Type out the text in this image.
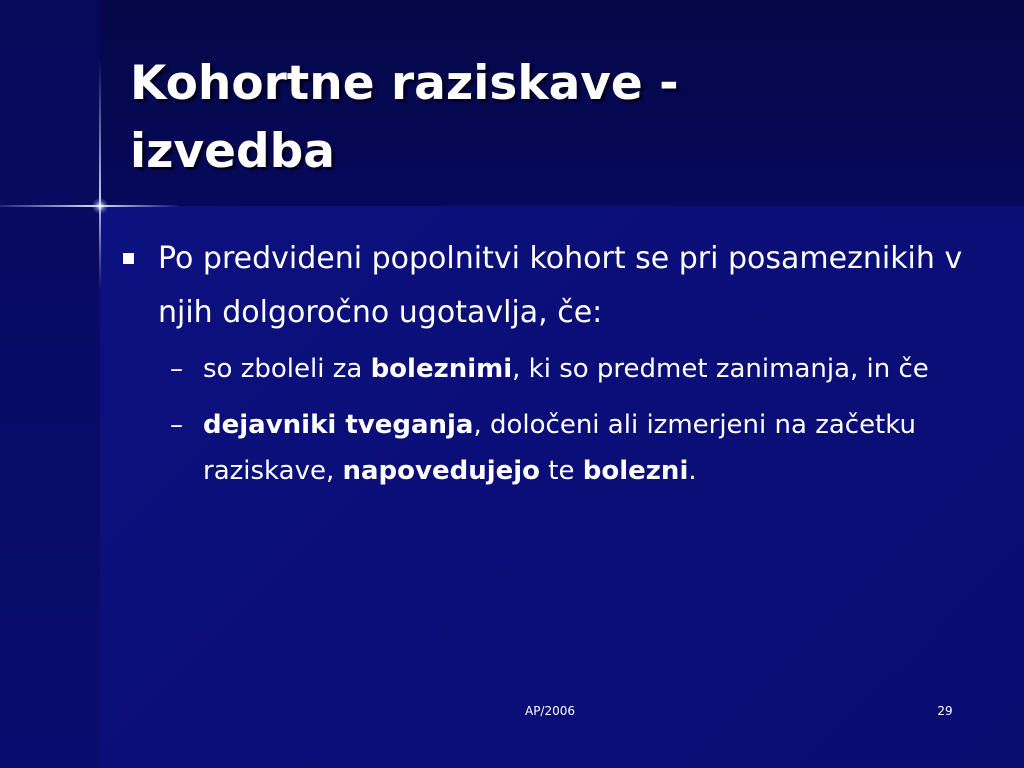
Kohortne raziskave -
izvedba
Po predvideni popolnitvi kohort se pri posameznikih v njih dolgoročno ugotavlja, če:
– so zboleli za boleznimi, ki so predmet zanimanja, in če
– dejavniki tveganja, določeni ali izmerjeni na začetku raziskave, napovedujejo te bolezni.
AP/2006	29
